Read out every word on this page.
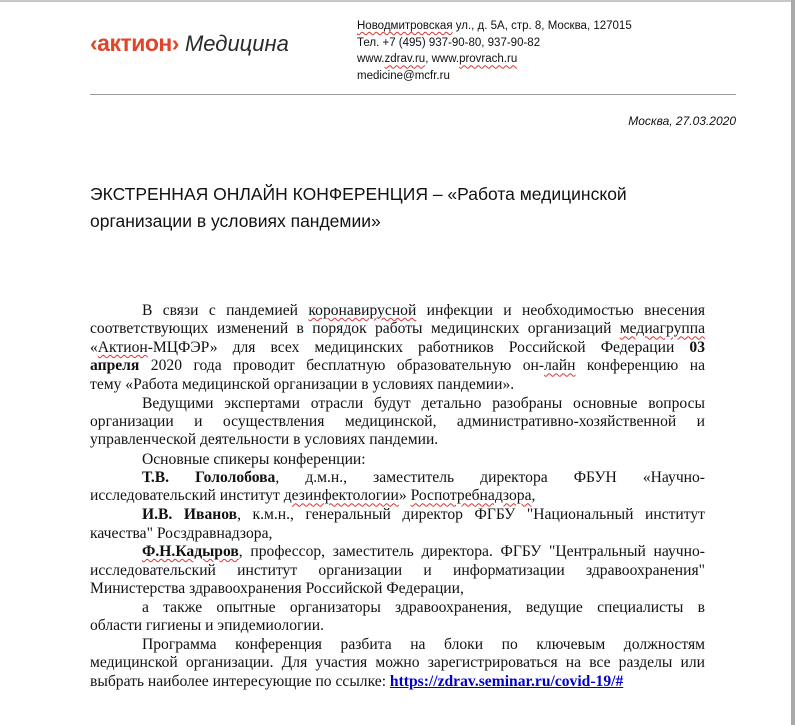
‹актион› Медицина
Новодмитровская ул., д. 5А, стр. 8, Москва, 127015
Тел. +7 (495) 937-90-80, 937-90-82
www.zdrav.ru, www.provrach.ru
medicine@mcfr.ru
Москва, 27.03.2020
ЭКСТРЕННАЯ ОНЛАЙН КОНФЕРЕНЦИЯ – «Работа медицинской
организации в условиях пандемии»
В связи с пандемией коронавирусной инфекции и необходимостью внесения
соответствующих изменений в порядок работы медицинских организаций медиагруппа
«Актион-МЦФЭР» для всех медицинских работников Российской Федерации 03
апреля 2020 года проводит бесплатную образовательную он-лайн конференцию на
тему «Работа медицинской организации в условиях пандемии».
Ведущими экспертами отрасли будут детально разобраны основные вопросы
организации и осуществления медицинской, административно-хозяйственной и
управленческой деятельности в условиях пандемии.
Основные спикеры конференции:
Т.В. Гололобова, д.м.н., заместитель директора ФБУН «Научно-
исследовательский институт дезинфектологии» Роспотребнадзора,
И.В. Иванов, к.м.н., генеральный директор ФГБУ "Национальный институт
качества" Росздравнадзора,
Ф.Н.Кадыров, профессор, заместитель директора. ФГБУ "Центральный научно-
исследовательский институт организации и информатизации здравоохранения"
Министерства здравоохранения Российской Федерации,
а также опытные организаторы здравоохранения, ведущие специалисты в
области гигиены и эпидемиологии.
Программа конференция разбита на блоки по ключевым должностям
медицинской организации. Для участия можно зарегистрироваться на все разделы или
выбрать наиболее интересующие по ссылке: https://zdrav.seminar.ru/covid-19/#
